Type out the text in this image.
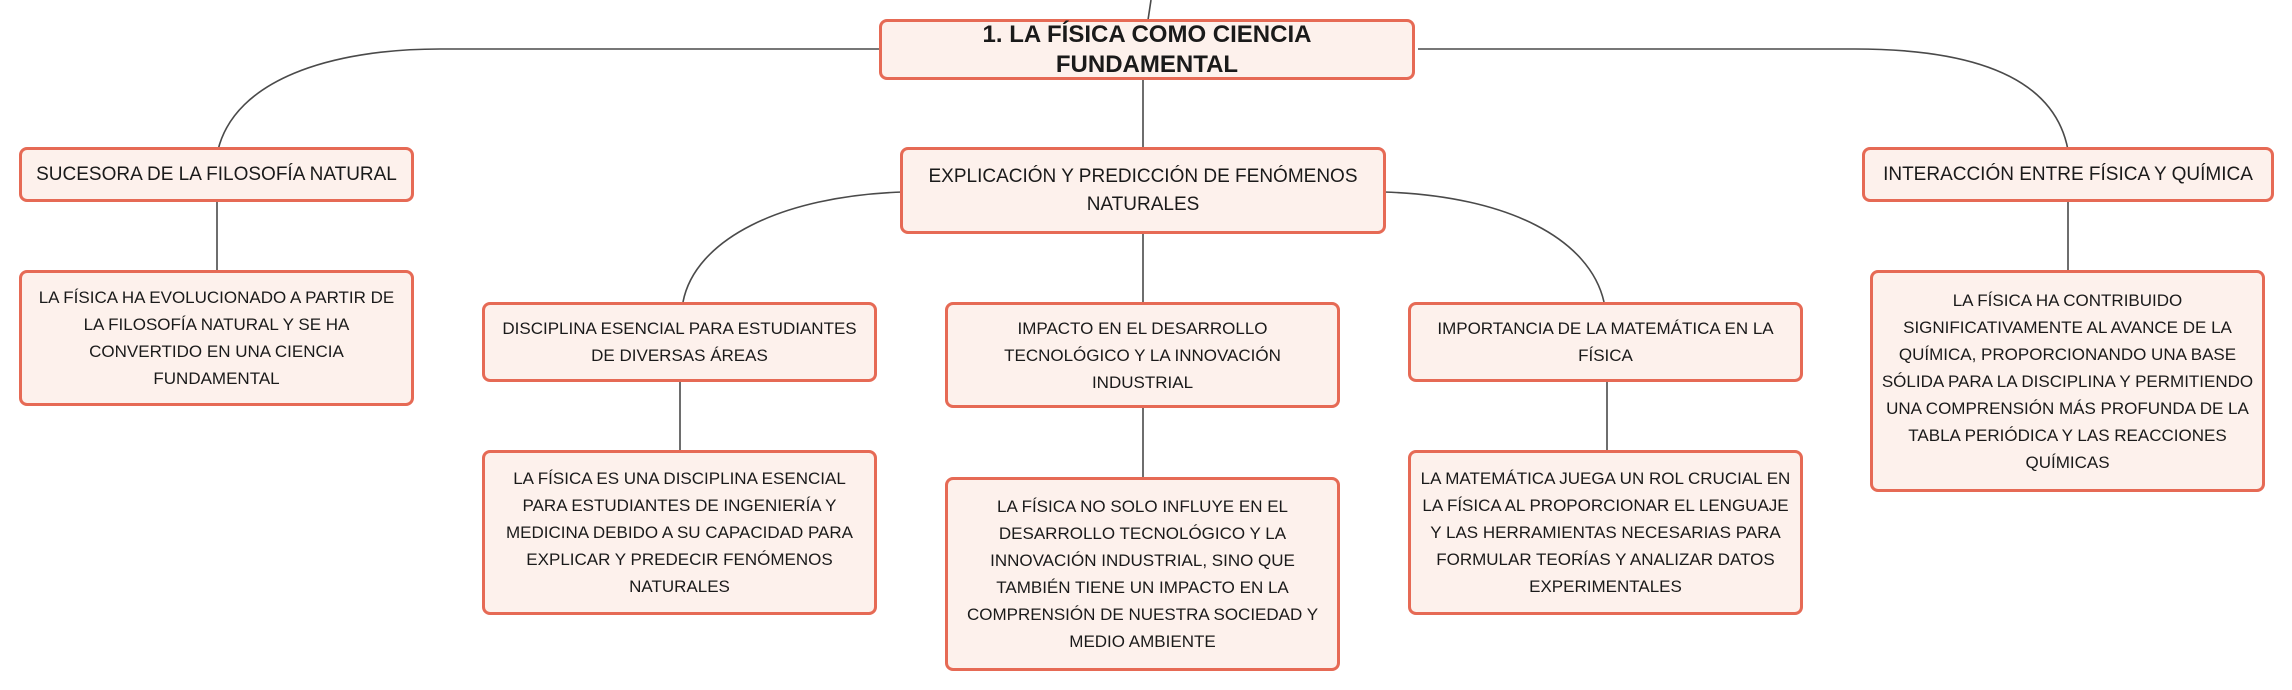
1. LA FÍSICA COMO CIENCIA FUNDAMENTAL
SUCESORA DE LA FILOSOFÍA NATURAL	EXPLICACIÓN Y PREDICCIÓN DE FENÓMENOS NATURALES
INTERACCIÓN ENTRE FÍSICA Y QUÍMICA
LA FÍSICA HA EVOLUCIONADO A PARTIR DE LA FILOSOFÍA NATURAL Y SE HA CONVERTIDO EN UNA CIENCIA FUNDAMENTAL
DISCIPLINA ESENCIAL PARA ESTUDIANTES DE DIVERSAS ÁREAS
IMPACTO EN EL DESARROLLO TECNOLÓGICO Y LA INNOVACIÓN INDUSTRIAL
IMPORTANCIA DE LA MATEMÁTICA EN LA FÍSICA
LA FÍSICA HA CONTRIBUIDO SIGNIFICATIVAMENTE AL AVANCE DE LA QUÍMICA, PROPORCIONANDO UNA BASE SÓLIDA PARA LA DISCIPLINA Y PERMITIENDO UNA COMPRENSIÓN MÁS PROFUNDA DE LA TABLA PERIÓDICA Y LAS REACCIONES QUÍMICAS
LA FÍSICA ES UNA DISCIPLINA ESENCIAL PARA ESTUDIANTES DE INGENIERÍA Y MEDICINA DEBIDO A SU CAPACIDAD PARA EXPLICAR Y PREDECIR FENÓMENOS NATURALES
LA FÍSICA NO SOLO INFLUYE EN EL DESARROLLO TECNOLÓGICO Y LA INNOVACIÓN INDUSTRIAL, SINO QUE TAMBIÉN TIENE UN IMPACTO EN LA COMPRENSIÓN DE NUESTRA SOCIEDAD Y MEDIO AMBIENTE
LA MATEMÁTICA JUEGA UN ROL CRUCIAL EN LA FÍSICA AL PROPORCIONAR EL LENGUAJE Y LAS HERRAMIENTAS NECESARIAS PARA FORMULAR TEORÍAS Y ANALIZAR DATOS EXPERIMENTALES
